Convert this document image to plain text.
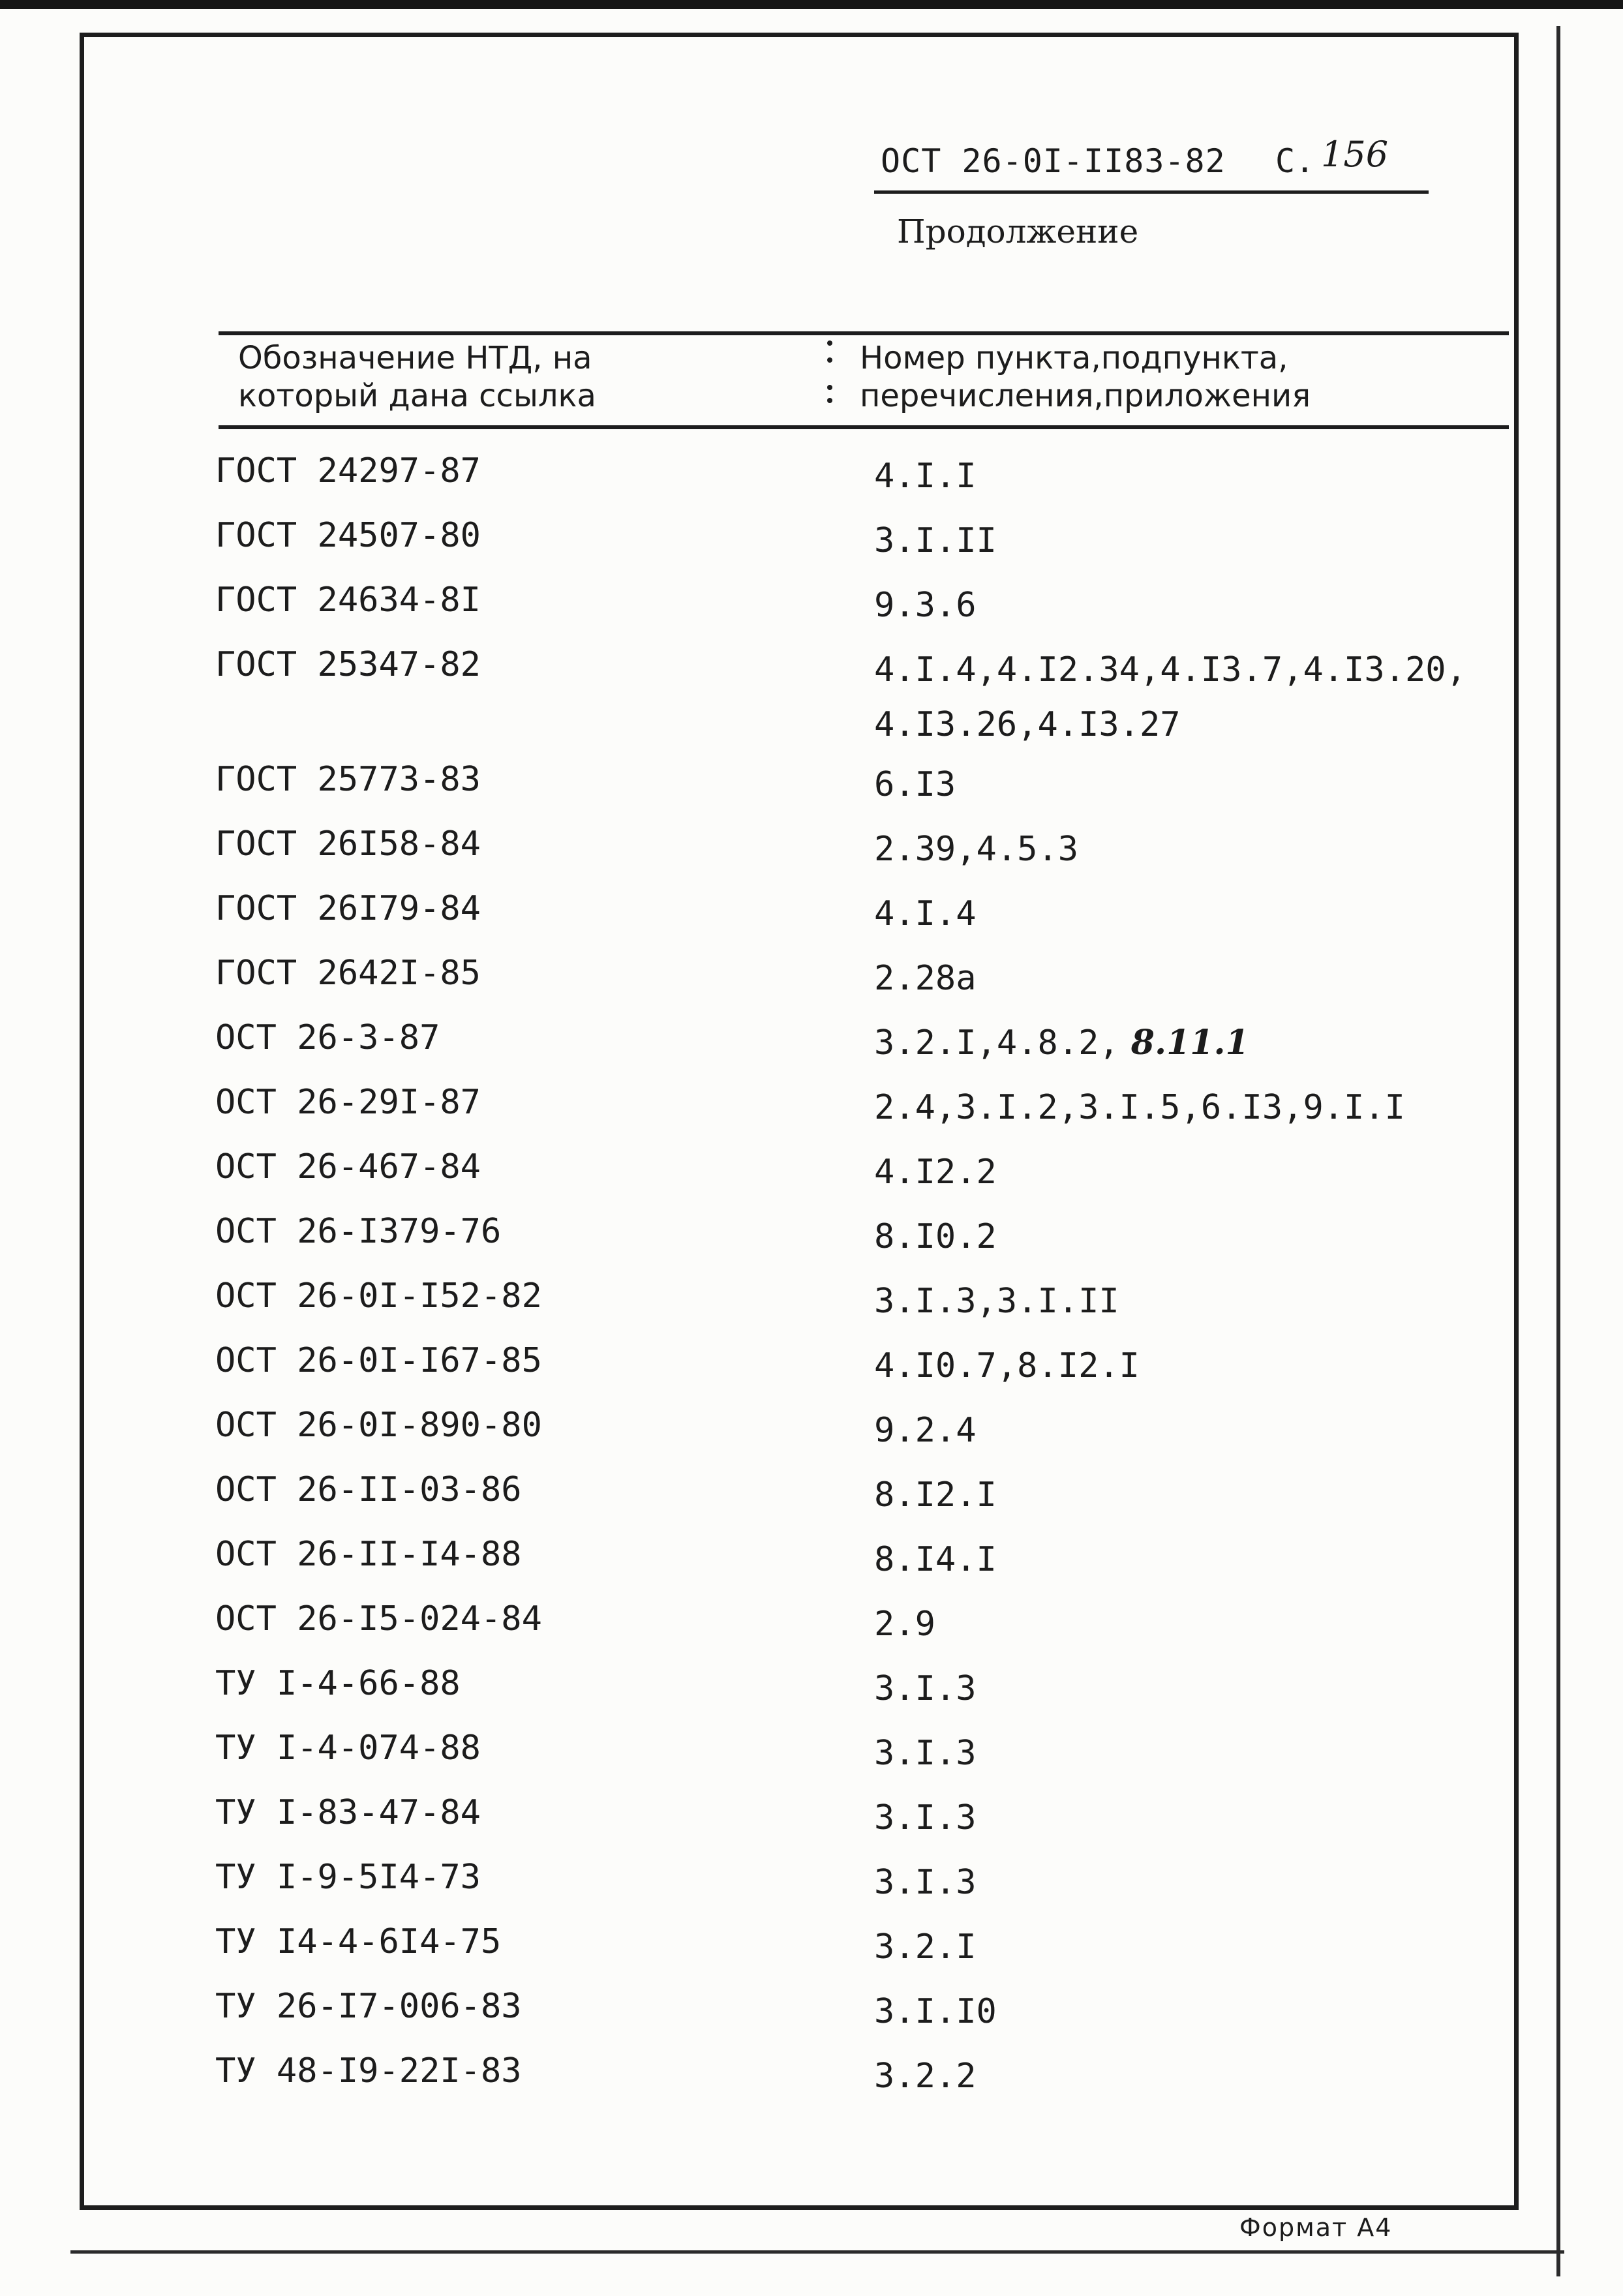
ОСТ 26-0I-II83-82 С. 156
Продолжение
Обозначение НТД, на
который дана ссылка
Номер пункта,подпункта,
перечисления,приложения
ГОСТ 24297-87	4.I.I
ГОСТ 24507-80	3.I.II
ГОСТ 24634-8I	9.3.6
ГОСТ 25347-82	4.I.4,4.I2.34,4.I3.7,4.I3.20,
4.I3.26,4.I3.27
ГОСТ 25773-83	6.I3
ГОСТ 26I58-84	2.39,4.5.3
ГОСТ 26I79-84	4.I.4
ГОСТ 2642I-85	2.28а
ОСТ 26-3-87	3.2.I,4.8.2, 8.11.1
ОСТ 26-29I-87	2.4,3.I.2,3.I.5,6.I3,9.I.I
ОСТ 26-467-84	4.I2.2
ОСТ 26-I379-76	8.I0.2
ОСТ 26-0I-I52-82	3.I.3,3.I.II
ОСТ 26-0I-I67-85	4.I0.7,8.I2.I
ОСТ 26-0I-890-80	9.2.4
ОСТ 26-II-03-86	8.I2.I
ОСТ 26-II-I4-88	8.I4.I
ОСТ 26-I5-024-84	2.9
ТУ I-4-66-88	3.I.3
ТУ I-4-074-88	3.I.3
ТУ I-83-47-84	3.I.3
ТУ I-9-5I4-73	3.I.3
ТУ I4-4-6I4-75	3.2.I
ТУ 26-I7-006-83	3.I.I0
ТУ 48-I9-22I-83	3.2.2
Формат А4
